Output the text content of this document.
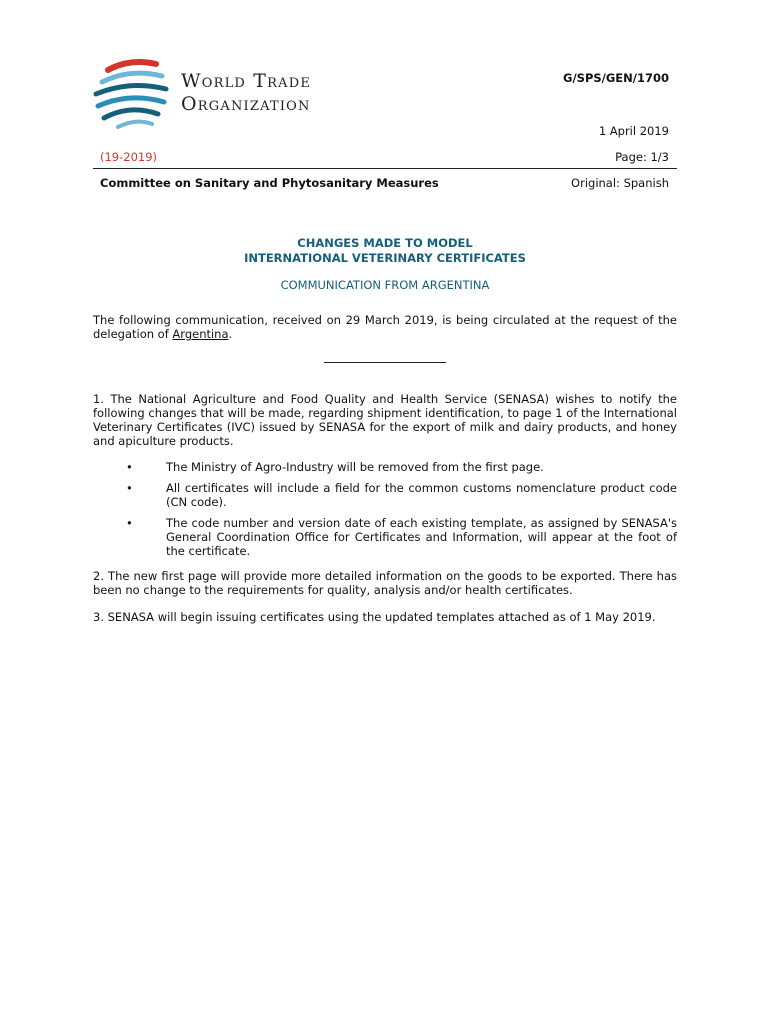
World Trade
Organization
G/SPS/GEN/1700
1 April 2019
(19-2019)	Page: 1/3
Committee on Sanitary and Phytosanitary Measures	Original: Spanish
CHANGES MADE TO MODEL
INTERNATIONAL VETERINARY CERTIFICATES
COMMUNICATION FROM ARGENTINA
The following communication, received on 29 March 2019, is being circulated at the request of the delegation of Argentina.
1. The National Agriculture and Food Quality and Health Service (SENASA) wishes to notify the following changes that will be made, regarding shipment identification, to page 1 of the International Veterinary Certificates (IVC) issued by SENASA for the export of milk and dairy products, and honey and apiculture products.
•	The Ministry of Agro-Industry will be removed from the first page.
•	All certificates will include a field for the common customs nomenclature product code (CN code).
•	The code number and version date of each existing template, as assigned by SENASA's General Coordination Office for Certificates and Information, will appear at the foot of the certificate.
2. The new first page will provide more detailed information on the goods to be exported. There has been no change to the requirements for quality, analysis and/or health certificates.
3. SENASA will begin issuing certificates using the updated templates attached as of 1 May 2019.
